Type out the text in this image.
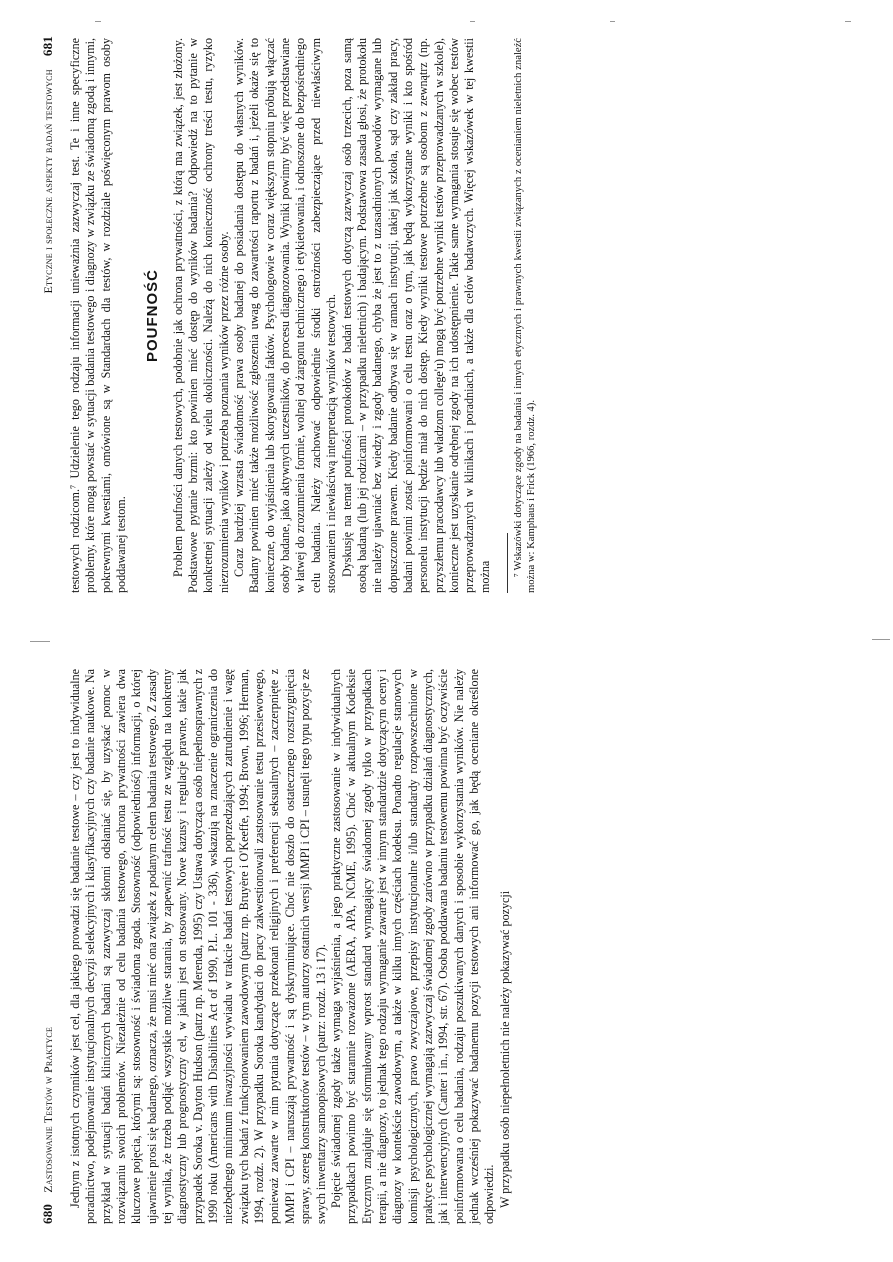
680 Zastosowanie Testów w Praktyce Jednym z istotnych czynników jest cel, dla jakiego prowadzi się badanie testowe – czy jest to indywidualne poradnictwo, podejmowanie instytucjonalnych decyzji selekcyjnych i klasyfikacyjnych czy badanie naukowe. Na przykład w sytuacji badań klinicznych badani są zazwyczaj skłonni odsłaniać się, by uzyskać pomoc w rozwiązaniu swoich problemów. Niezależnie od celu badania testowego, ochrona prywatności zawiera dwa kluczowe pojęcia, którymi są: stosowność i świadoma zgoda. Stosowność (odpowiedniość) informacji, o której ujawnienie prosi się badanego, oznacza, że musi mieć ona związek z podanym celem badania testowego. Z zasady tej wynika, że trzeba podjąć wszystkie możliwe starania, by zapewnić trafność testu ze względu na konkretny diagnostyczny lub prognostyczny cel, w jakim jest on stosowany. Nowe kazusy i regulacje prawne, takie jak przypadek Soroka v. Dayton Hudson (patrz np. Merenda, 1995) czy Ustawa dotycząca osób niepełnosprawnych z 1990 roku (Americans with Disabilities Act of 1990, P.L. 101 - 336), wskazują na znaczenie ograniczenia do niezbędnego minimum inwazyjności wywiadu w trakcie badań testowych poprzedzających zatrudnienie i wagę związku tych badań z funkcjonowaniem zawodowym (patrz np. Bruyère i O'Keeffe, 1994; Brown, 1996; Herman, 1994, rozdz. 2). W przypadku Soroka kandydaci do pracy zakwestionowali zastosowanie testu przesiewowego, ponieważ zawarte w nim pytania dotyczące przekonań religijnych i preferencji seksualnych – zaczerpnięte z MMPI i CPI – naruszają prywatność i są dyskryminujące. Choć nie doszło do ostatecznego rozstrzygnięcia sprawy, szereg konstruktorów testów – w tym autorzy ostatnich wersji MMPI i CPI – usunęli tego typu pozycje ze swych inwentarzy samoopisowych (patrz: rozdz. 13 i 17). Pojęcie świadomej zgody także wymaga wyjaśnienia, a jego praktyczne zastosowanie w indywidualnych przypadkach powinno być starannie rozważone (AERA, APA, NCME, 1995). Choć w aktualnym Kodeksie Etycznym znajduje się sformułowany wprost standard wymagający świadomej zgody tylko w przypadkach terapii, a nie diagnozy, to jednak tego rodzaju wymaganie zawarte jest w innym standardzie dotyczącym oceny i diagnozy w kontekście zawodowym, a także w kilku innych częściach kodeksu. Ponadto regulacje stanowych komisji psychologicznych, prawo zwyczajowe, przepisy instytucjonalne i/lub standardy rozpowszechnione w praktyce psychologicznej wymagają zazwyczaj świadomej zgody zarówno w przypadku działań diagnostycznych, jak i interwencyjnych (Canter i in., 1994, str. 67). Osoba poddawana badaniu testowemu powinna być oczywiście poinformowana o celu badania, rodzaju poszukiwanych danych i sposobie wykorzystania wyników. Nie należy jednak wcześniej pokazywać badanemu pozycji testowych ani informować go, jak będą oceniane określone odpowiedzi. W przypadku osób niepełnoletnich nie należy pokazywać pozycji

Etyczne i społeczne aspekty badań testowych 681 testowych rodzicom.⁷ Udzielenie tego rodzaju informacji unieważnia zazwyczaj test. Te i inne specyficzne problemy, które mogą powstać w sytuacji badania testowego i diagnozy w związku ze świadomą zgodą i innymi, pokrewnymi kwestiami, omówione są w Standardach dla testów, w rozdziale poświęconym prawom osoby poddawanej testom.

POUFNOŚĆ Problem poufności danych testowych, podobnie jak ochrona prywatności, z którą ma związek, jest złożony. Podstawowe pytanie brzmi: kto powinien mieć dostęp do wyników badania? Odpowiedź na to pytanie w konkretnej sytuacji zależy od wielu okoliczności. Należą do nich konieczność ochrony treści testu, ryzyko niezrozumienia wyników i potrzeba poznania wyników przez różne osoby. Coraz bardziej wzrasta świadomość prawa osoby badanej do posiadania dostępu do własnych wyników. Badany powinien mieć także możliwość zgłoszenia uwag do zawartości raportu z badań i, jeżeli okaże się to konieczne, do wyjaśnienia lub skorygowania faktów. Psychologowie w coraz większym stopniu próbują włączać osoby badane, jako aktywnych uczestników, do procesu diagnozowania. Wyniki powinny być więc przedstawiane w łatwej do zrozumienia formie, wolnej od żargonu technicznego i etykietowania, i odnoszone do bezpośredniego celu badania. Należy zachować odpowiednie środki ostrożności zabezpieczające przed niewłaściwym stosowaniem i niewłaściwą interpretacją wyników testowych. Dyskusję na temat poufności protokołów z badań testowych dotyczą zazwyczaj osób trzecich, poza samą osobą badaną (lub jej rodzicami – w przypadku nieletnich) i badającym. Podstawowa zasada głosi, że protokołu nie należy ujawniać bez wiedzy i zgody badanego, chyba że jest to z uzasadnionych powodów wymagane lub dopuszczone prawem. Kiedy badanie odbywa się w ramach instytucji, takiej jak szkoła, sąd czy zakład pracy, badani powinni zostać poinformowani o celu testu oraz o tym, jak będą wykorzystane wyniki i kto spośród personelu instytucji będzie miał do nich dostęp. Kiedy wyniki testowe potrzebne są osobom z zewnątrz (np. przyszłemu pracodawcy lub władzom college'u) mogą być potrzebne wyniki testów przeprowadzanych w szkole), konieczne jest uzyskanie odrębnej zgody na ich udostępnienie. Takie same wymagania stosuje się wobec testów przeprowadzanych w klinikach i poradniach, a także dla celów badawczych. Więcej wskazówek w tej kwestii można ⁷ Wskazówki dotyczące zgody na badania i innych etycznych i prawnych kwestii związanych z ocenianiem nieletnich znaleźć można w: Kamphaus i Frick (1966, rozdz. 4).
